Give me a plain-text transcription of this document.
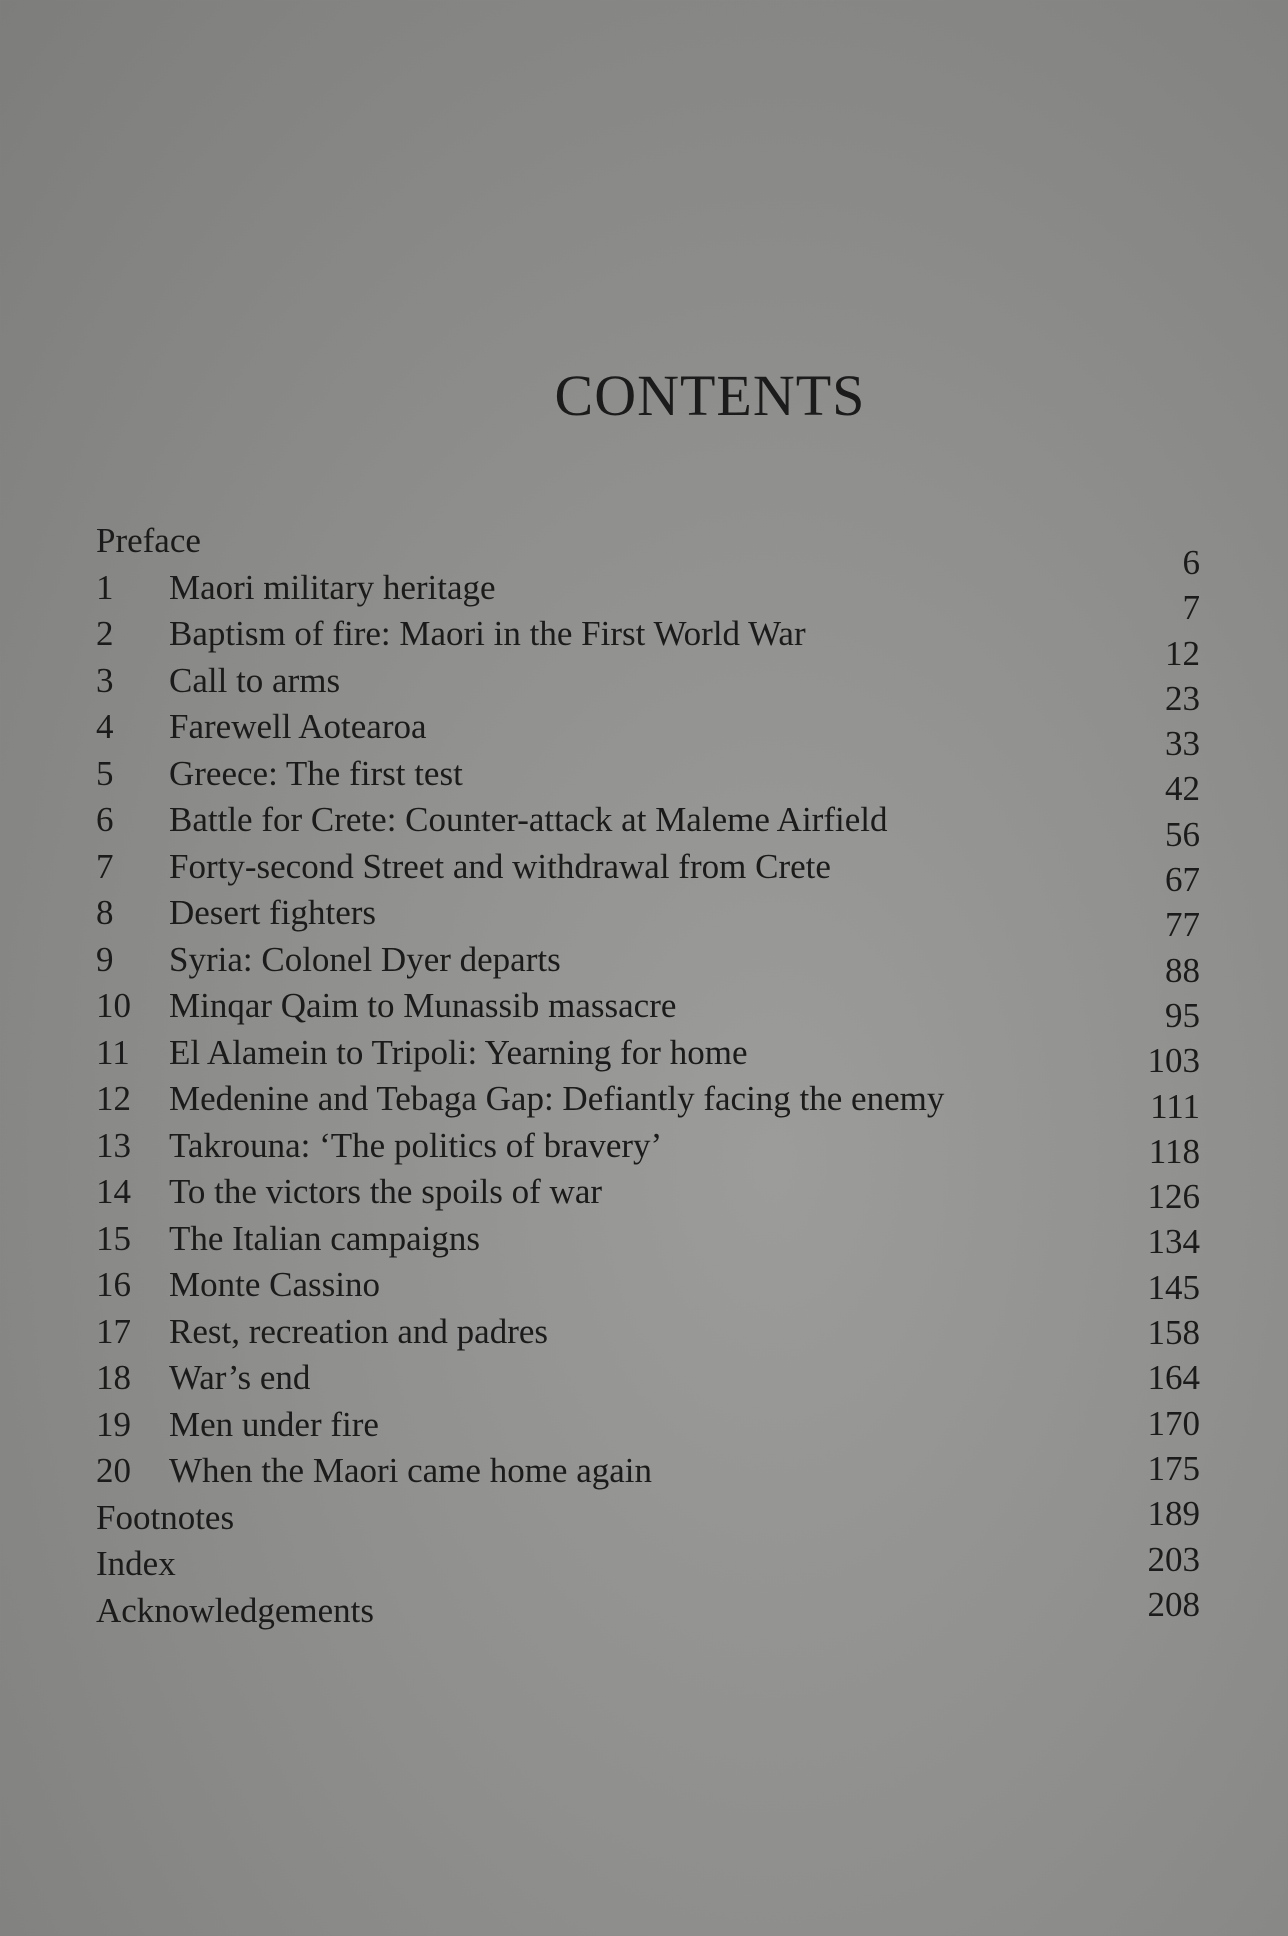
CONTENTS
Preface
1 Maori military heritage
2 Baptism of fire: Maori in the First World War
3 Call to arms
4 Farewell Aotearoa
5 Greece: The first test
6 Battle for Crete: Counter-attack at Maleme Airfield
7 Forty-second Street and withdrawal from Crete
8 Desert fighters
9 Syria: Colonel Dyer departs
10 Minqar Qaim to Munassib massacre
11 El Alamein to Tripoli: Yearning for home
12 Medenine and Tebaga Gap: Defiantly facing the enemy
13 Takrouna: ‘The politics of bravery’
14 To the victors the spoils of war
15 The Italian campaigns
16 Monte Cassino
17 Rest, recreation and padres
18 War’s end
19 Men under fire
20 When the Maori came home again
Footnotes
Index
Acknowledgements
6
7
12
23
33
42
56
67
77
88
95
103
111
118
126
134
145
158
164
170
175
189
203
208
